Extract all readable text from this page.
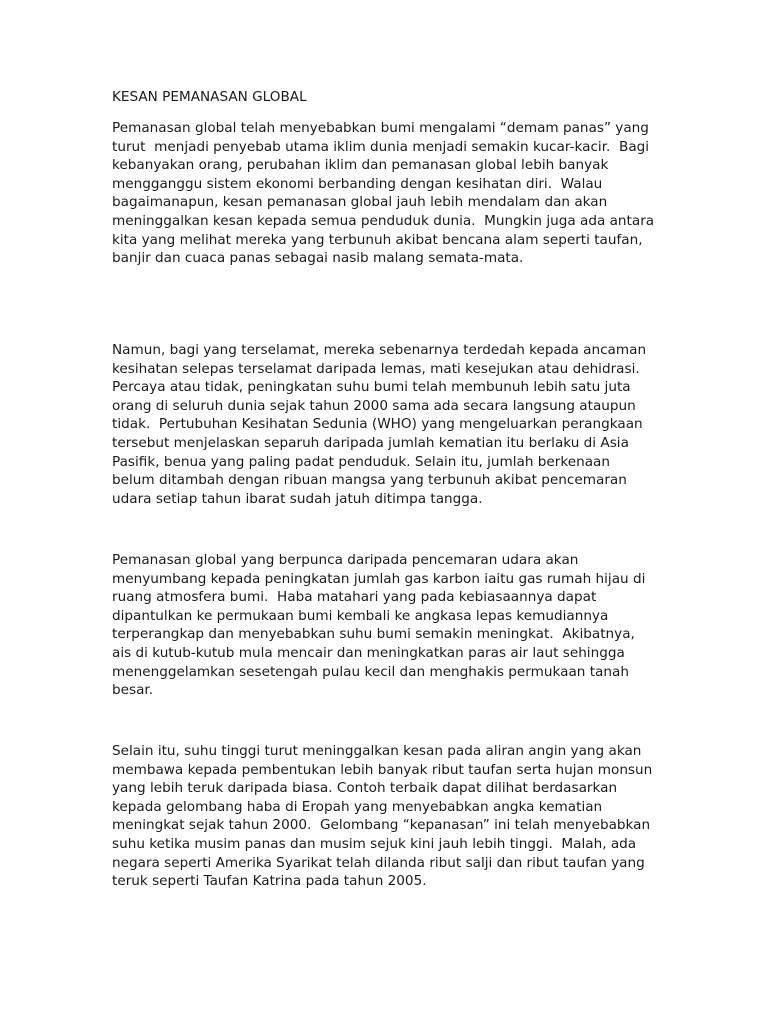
KESAN PEMANASAN GLOBAL
Pemanasan global telah menyebabkan bumi mengalami “demam panas” yang
turut  menjadi penyebab utama iklim dunia menjadi semakin kucar-kacir.  Bagi
kebanyakan orang, perubahan iklim dan pemanasan global lebih banyak
mengganggu sistem ekonomi berbanding dengan kesihatan diri.  Walau
bagaimanapun, kesan pemanasan global jauh lebih mendalam dan akan
meninggalkan kesan kepada semua penduduk dunia.  Mungkin juga ada antara
kita yang melihat mereka yang terbunuh akibat bencana alam seperti taufan,
banjir dan cuaca panas sebagai nasib malang semata-mata.
Namun, bagi yang terselamat, mereka sebenarnya terdedah kepada ancaman
kesihatan selepas terselamat daripada lemas, mati kesejukan atau dehidrasi.
Percaya atau tidak, peningkatan suhu bumi telah membunuh lebih satu juta
orang di seluruh dunia sejak tahun 2000 sama ada secara langsung ataupun
tidak.  Pertubuhan Kesihatan Sedunia (WHO) yang mengeluarkan perangkaan
tersebut menjelaskan separuh daripada jumlah kematian itu berlaku di Asia
Pasifik, benua yang paling padat penduduk. Selain itu, jumlah berkenaan
belum ditambah dengan ribuan mangsa yang terbunuh akibat pencemaran
udara setiap tahun ibarat sudah jatuh ditimpa tangga.
Pemanasan global yang berpunca daripada pencemaran udara akan
menyumbang kepada peningkatan jumlah gas karbon iaitu gas rumah hijau di
ruang atmosfera bumi.  Haba matahari yang pada kebiasaannya dapat
dipantulkan ke permukaan bumi kembali ke angkasa lepas kemudiannya
terperangkap dan menyebabkan suhu bumi semakin meningkat.  Akibatnya,
ais di kutub-kutub mula mencair dan meningkatkan paras air laut sehingga
menenggelamkan sesetengah pulau kecil dan menghakis permukaan tanah
besar.
Selain itu, suhu tinggi turut meninggalkan kesan pada aliran angin yang akan
membawa kepada pembentukan lebih banyak ribut taufan serta hujan monsun
yang lebih teruk daripada biasa. Contoh terbaik dapat dilihat berdasarkan
kepada gelombang haba di Eropah yang menyebabkan angka kematian
meningkat sejak tahun 2000.  Gelombang “kepanasan” ini telah menyebabkan
suhu ketika musim panas dan musim sejuk kini jauh lebih tinggi.  Malah, ada
negara seperti Amerika Syarikat telah dilanda ribut salji dan ribut taufan yang
teruk seperti Taufan Katrina pada tahun 2005.
